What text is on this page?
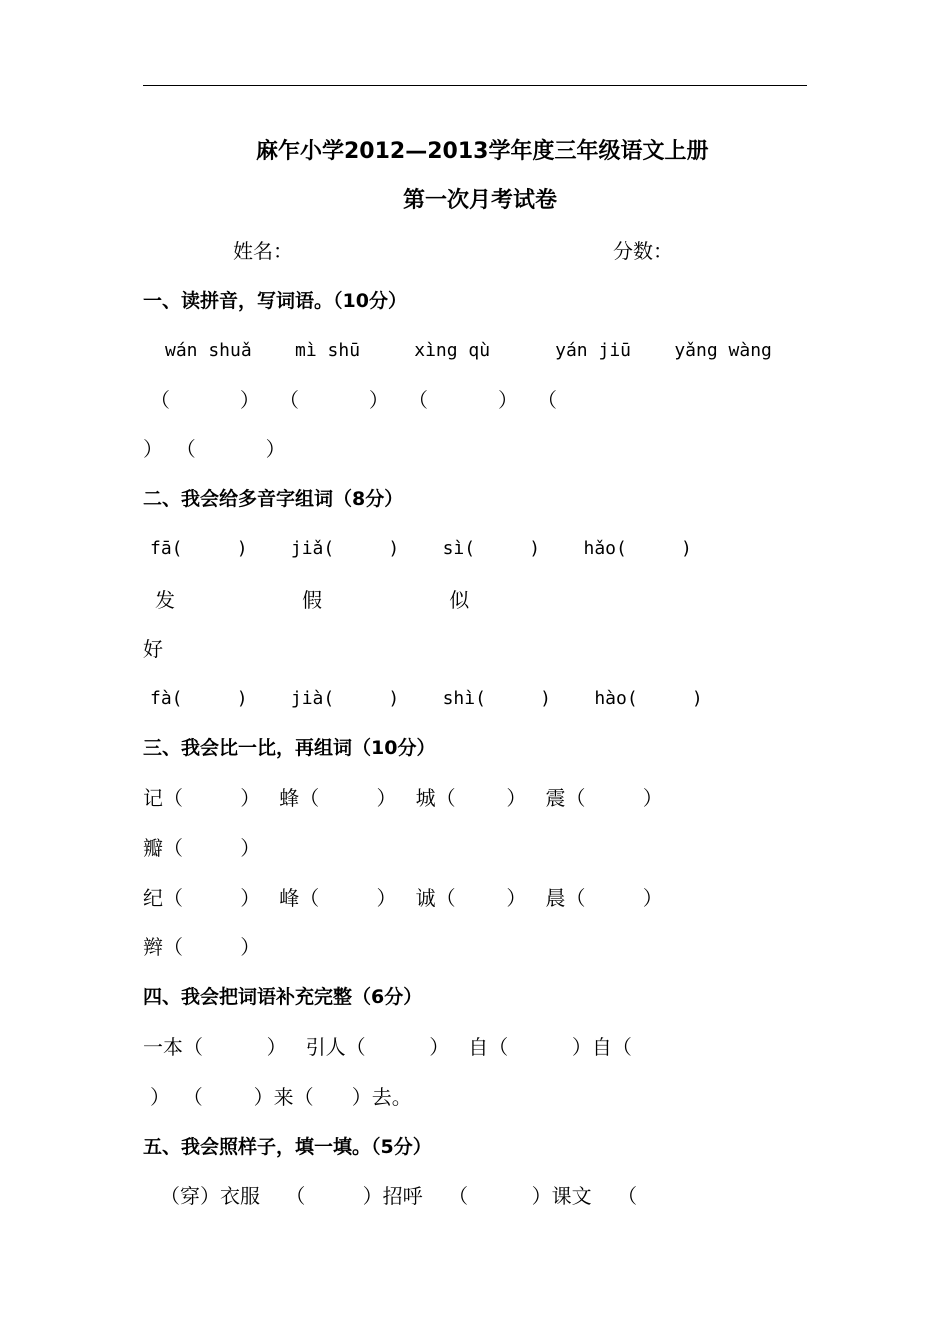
麻乍小学2012—2013学年度三年级语文上册
第一次月考试卷
姓名：	分数：
一、读拼音，写词语。（10分）
wán shuǎ    mì shū     xìng qù      yán jiū    yǎng wàng
（           ）   （           ）   （           ）   （
）  （           ）
二、我会给多音字组词（8分）
fā(     )    jiǎ(     )    sì(     )    hǎo(     )
发                    假                    似
好
fà(     )    jià(     )    shì(     )    hào(     )
三、我会比一比，再组词（10分）
记（         ）   蜂（         ）   城（        ）   震（         ）
瓣（         ）
纪（         ）   峰（         ）   诚（        ）   晨（         ）
辫（         ）
四、我会把词语补充完整（6分）
一本（          ）   引人（          ）   自（          ）自（
）  （        ）来（      ）去。
五、我会照样子，填一填。（5分）
（穿）衣服    （         ）招呼    （          ）课文    （
